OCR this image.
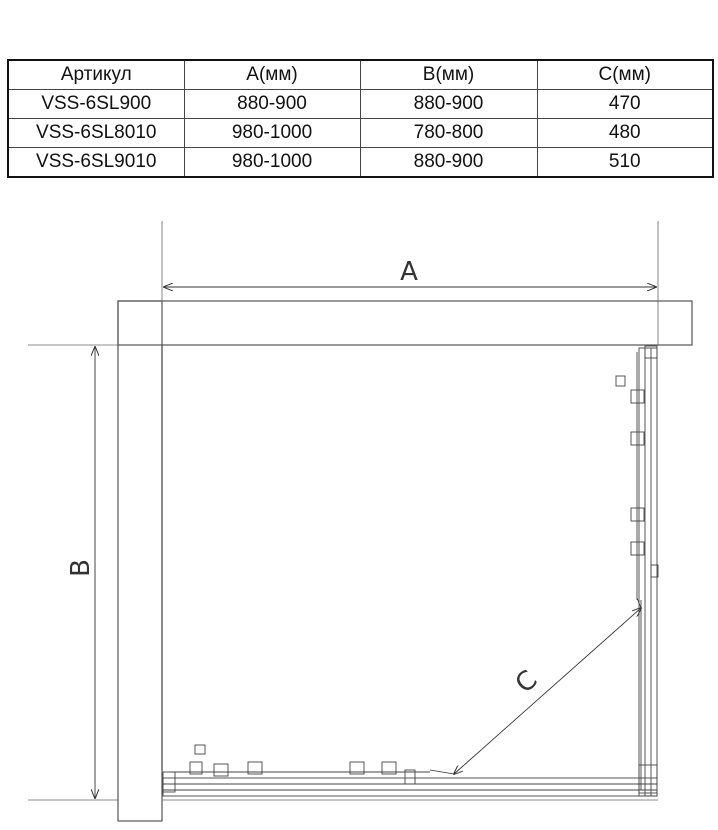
Артикул	А(мм)	B(мм)	С(мм)
VSS-6SL900	880-900	880-900	470
VSS-6SL8010	980-1000	780-800	480
VSS-6SL9010	980-1000	880-900	510
A
B
C
